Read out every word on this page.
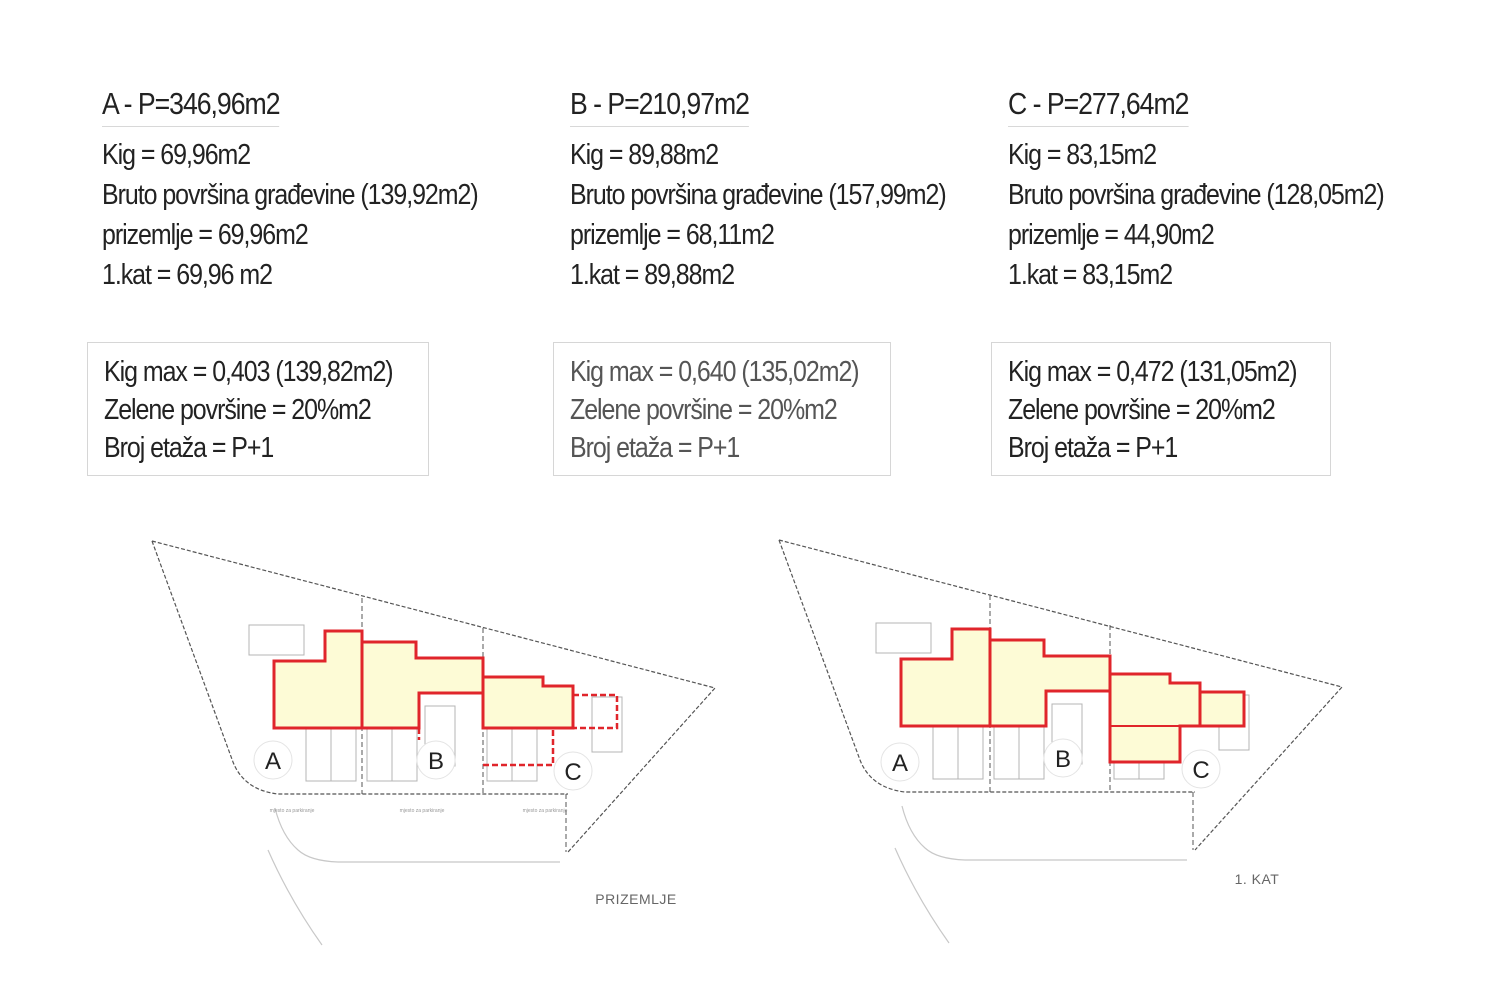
A - P=346,96m2
Kig = 69,96m2
Bruto površina građevine (139,92m2)
prizemlje = 69,96m2
1.kat = 69,96 m2
Kig max = 0,403 (139,82m2)
Zelene površine = 20%m2
Broj etaža = P+1
B - P=210,97m2
Kig = 89,88m2
Bruto površina građevine (157,99m2)
prizemlje = 68,11m2
1.kat = 89,88m2
Kig max = 0,640 (135,02m2)
Zelene površine = 20%m2
Broj etaža = P+1
C - P=277,64m2
Kig = 83,15m2
Bruto površina građevine (128,05m2)
prizemlje = 44,90m2
1.kat = 83,15m2
Kig max = 0,472 (131,05m2)
Zelene površine = 20%m2
Broj etaža = P+1
A	B	C
mjesto za parkiranje	mjesto za parkiranje	mjesto za parkiranje
PRIZEMLJE
A	B	C
1. KAT
